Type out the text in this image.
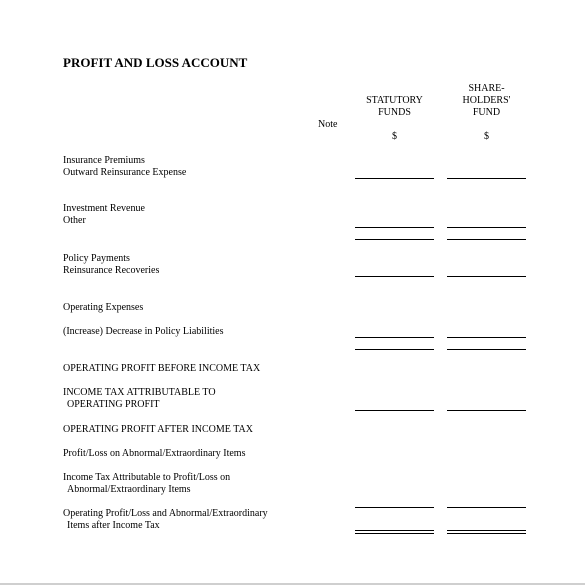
PROFIT AND LOSS ACCOUNT
Note
STATUTORY
FUNDS
$
SHARE-
HOLDERS'
FUND
$
Insurance Premiums
Outward Reinsurance Expense
Investment Revenue
Other
Policy Payments
Reinsurance Recoveries
Operating Expenses
(Increase) Decrease in Policy Liabilities
OPERATING PROFIT BEFORE INCOME TAX
INCOME TAX ATTRIBUTABLE TO
OPERATING PROFIT
OPERATING PROFIT AFTER INCOME TAX
Profit/Loss on Abnormal/Extraordinary Items
Income Tax Attributable to Profit/Loss on
Abnormal/Extraordinary Items
Operating Profit/Loss and Abnormal/Extraordinary
Items after Income Tax
